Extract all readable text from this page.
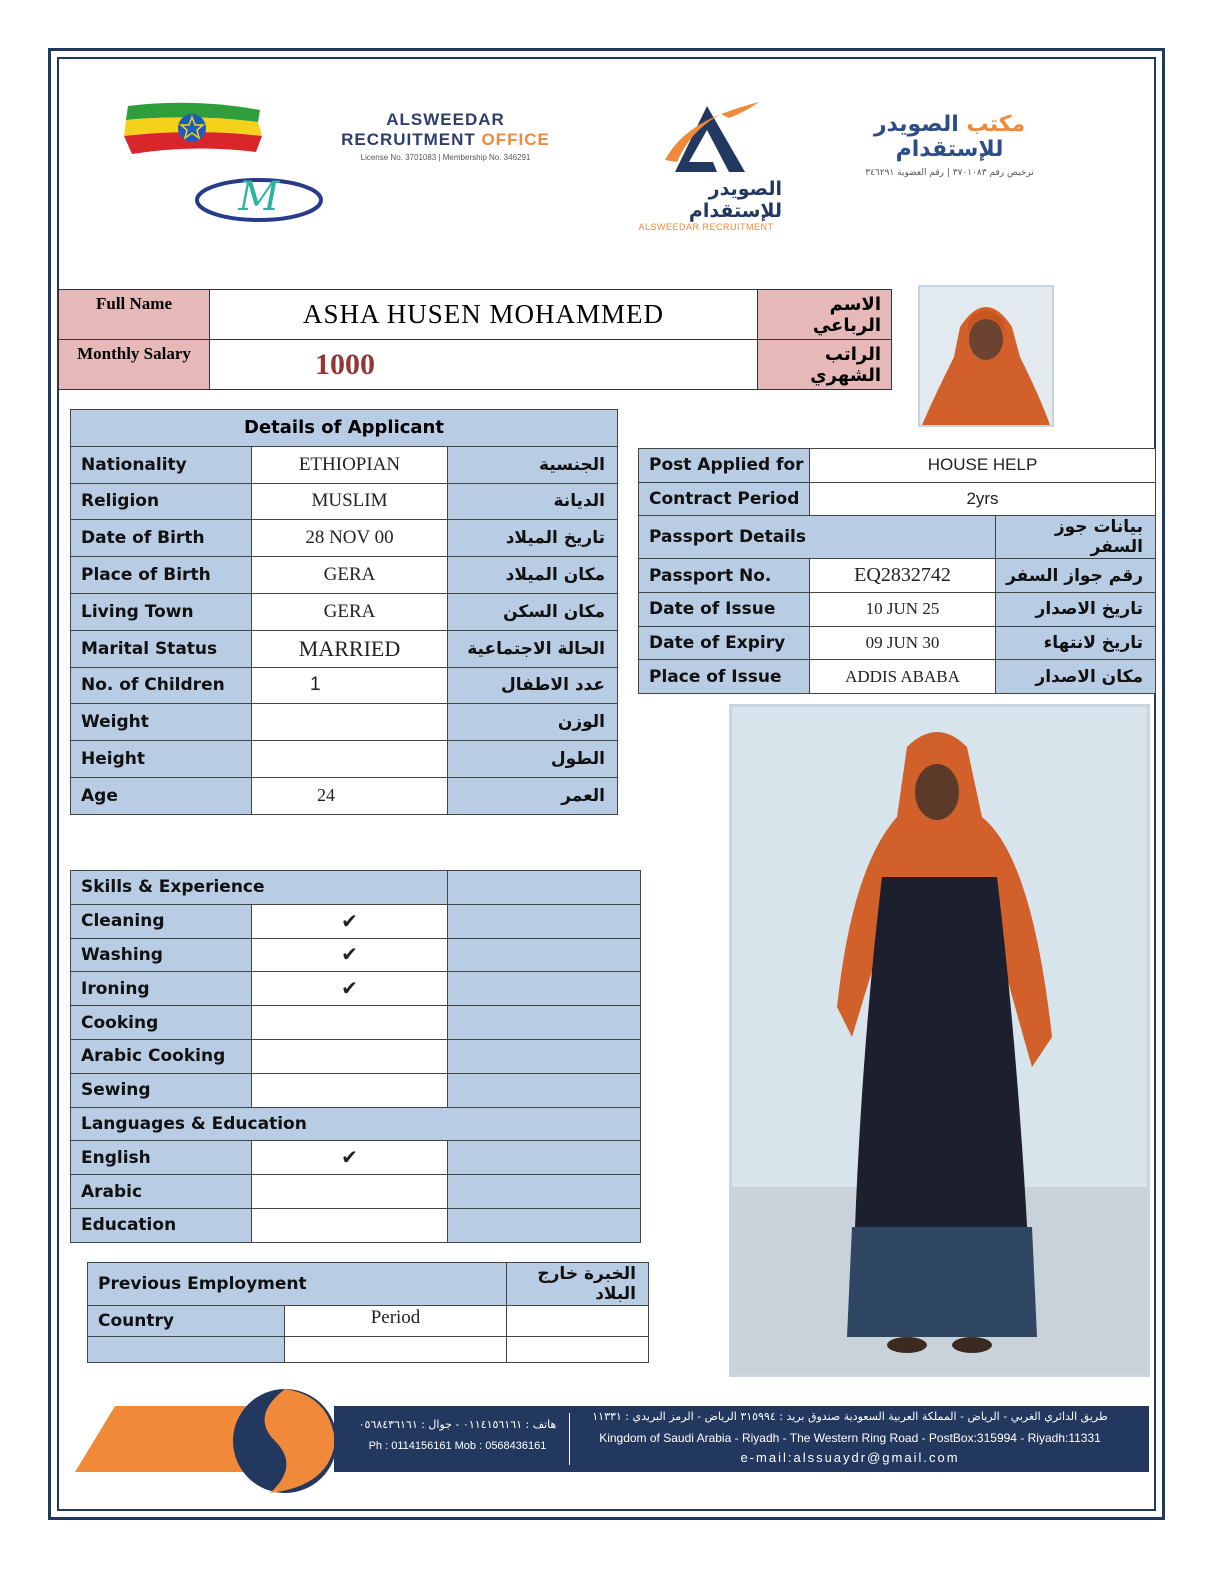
M
ALSWEEDAR
RECRUITMENT OFFICE
License No. 3701083 | Membership No. 346291
الصويدر للإستقدام
ALSWEEDAR RECRUITMENT
مكتب الصويدر للإستقدام
ترخيص رقم ٣٧٠١٠٨٣ | رقم العضوية ٣٤٦٢٩١
Full Name	ASHA HUSEN MOHAMMED	الاسم الرباعي
Monthly Salary	1000	الراتب الشهري
Details of Applicant		
Nationality	ETHIOPIAN	الجنسية
Religion	MUSLIM	الديانة
Date of Birth	28 NOV 00	تاريخ الميلاد
Place of Birth	GERA	مكان الميلاد
Living Town	GERA	مكان السكن
Marital Status	MARRIED	الحالة الاجتماعية
No. of Children	1	عدد الاطفال
Weight		الوزن
Height		الطول
Age	24	العمر
Post Applied for	HOUSE HELP	
Contract Period	2yrs	
Passport Details		بيانات جوز السفر
Passport No.	EQ2832742	رقم جواز السفر
Date of Issue	10 JUN 25	تاريخ الاصدار
Date of Expiry	09 JUN 30	تاريخ لانتهاء
Place of Issue	ADDIS ABABA	مكان الاصدار
Skills & Experience		
Cleaning	✔	
Washing	✔	
Ironing	✔	
Cooking		
Arabic Cooking		
Sewing		
Languages & Education		
English	✔	
Arabic		
Education		
Previous Employment		الخبرة خارج البلاد
Country	Period	

هاتف : ٠١١٤١٥٦١٦١ - جوال : ٠٥٦٨٤٣٦١٦١
Ph : 0114156161 Mob : 0568436161
طريق الدائري الغربي - الرياض - المملكة العربية السعودية صندوق بريد : ٣١٥٩٩٤ الرياض - الرمز البريدي : ١١٣٣١
Kingdom of Saudi Arabia - Riyadh - The Western Ring Road - PostBox:315994 - Riyadh:11331
e-mail:alssuaydr@gmail.com
